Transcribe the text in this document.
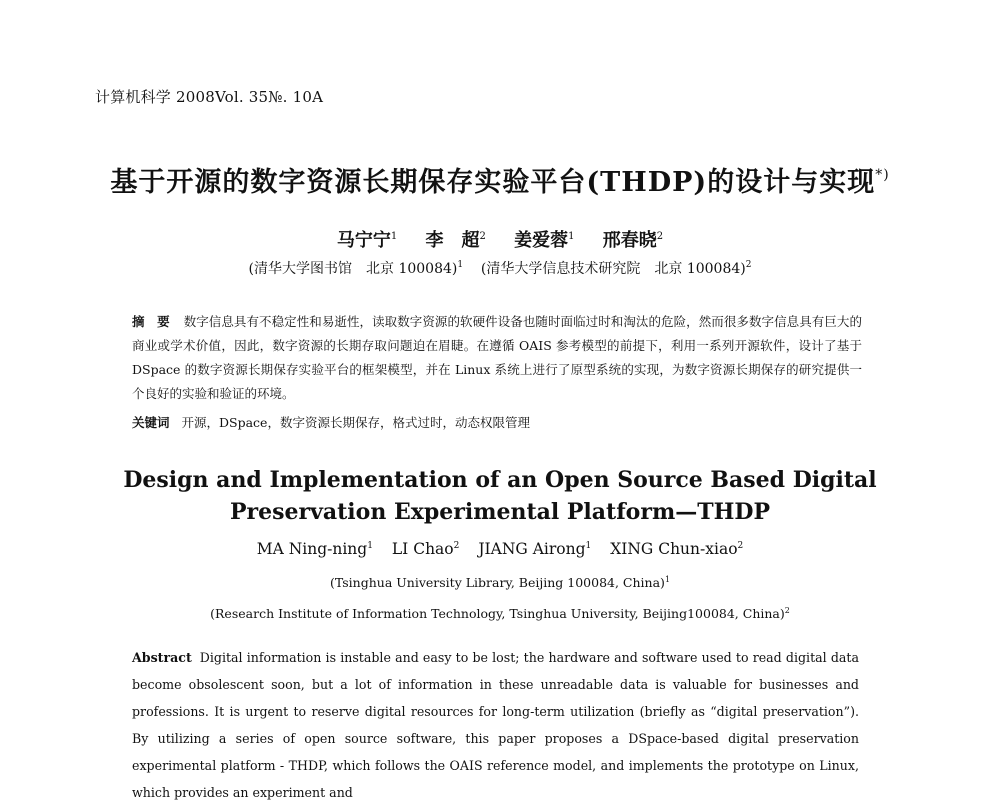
计算机科学 2008Vol. 35№. 10A
基于开源的数字资源长期保存实验平台(THDP)的设计与实现*)
马宁宁$^1$ 李　超$^2$ 姜爱蓉$^1$ 邢春晓$^2$
(清华大学图书馆　北京 100084)$^1$ (清华大学信息技术研究院　北京 100084)$^2$
摘　要 数字信息具有不稳定性和易逝性，读取数字资源的软硬件设备也随时面临过时和淘汰的危险，然而很多数字信息具有巨大的商业或学术价值，因此，数字资源的长期存取问题迫在眉睫。在遵循 OAIS 参考模型的前提下，利用一系列开源软件，设计了基于 DSpace 的数字资源长期保存实验平台的框架模型，并在 Linux 系统上进行了原型系统的实现，为数字资源长期保存的研究提供一个良好的实验和验证的环境。
关键词 开源，DSpace，数字资源长期保存，格式过时，动态权限管理
Design and Implementation of an Open Source Based Digital
Preservation Experimental Platform—THDP
MA Ning-ning$^1$ LI Chao$^2$ JIANG Airong$^1$ XING Chun-xiao$^2$
(Tsinghua University Library, Beijing 100084, China)$^1$
(Research Institute of Information Technology, Tsinghua University, Beijing100084, China)$^2$
Abstract Digital information is instable and easy to be lost; the hardware and software used to read digital data become obsolescent soon, but a lot of information in these unreadable data is valuable for businesses and professions. It is urgent to reserve digital resources for long-term utilization (briefly as “digital preservation”). By utilizing a series of open source software, this paper proposes a DSpace-based digital preservation experimental platform - THDP, which follows the OAIS reference model, and implements the prototype on Linux, which provides an experiment and
